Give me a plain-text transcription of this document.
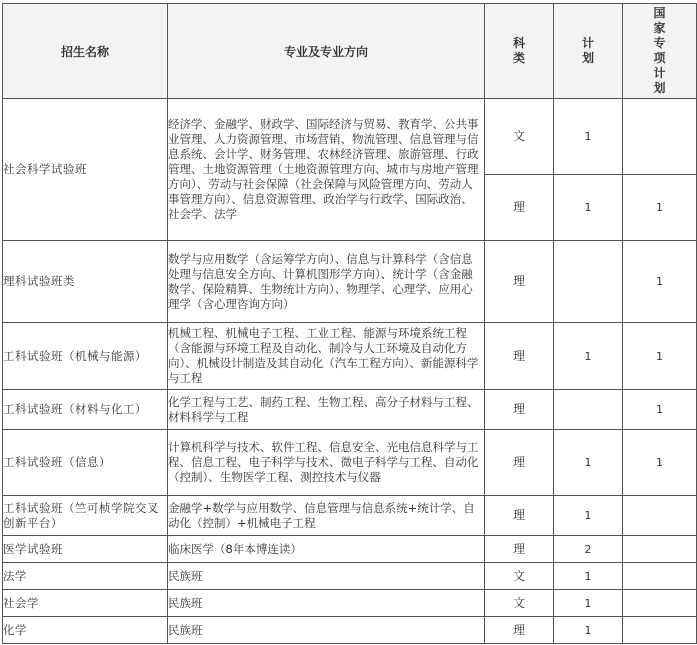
招生名称	专业及专业方向	科类	计划	国家专项计划

社会科学试验班	经济学、金融学、财政学、国际经济与贸易、教育学、公共事业管理、人力资源管理、市场营销、物流管理、信息管理与信息系统、会计学、财务管理、农林经济管理、旅游管理、行政管理、土地资源管理（土地资源管理方向、城市与房地产管理方向）、劳动与社会保障（社会保障与风险管理方向、劳动人事管理方向）、信息资源管理、政治学与行政学、国际政治、社会学、法学	文	1	
		理	1	1

理科试验班类	数学与应用数学（含运筹学方向）、信息与计算科学（含信息处理与信息安全方向、计算机图形学方向）、统计学（含金融数学、保险精算、生物统计方向）、物理学、心理学、应用心理学（含心理咨询方向）	理		1

工科试验班（机械与能源）	机械工程、机械电子工程、工业工程、能源与环境系统工程（含能源与环境工程及自动化、制冷与人工环境及自动化方向）、机械设计制造及其自动化（汽车工程方向）、新能源科学与工程	理	1	1

工科试验班（材料与化工）	化学工程与工艺、制药工程、生物工程、高分子材料与工程、材料科学与工程	理		1

工科试验班（信息）	计算机科学与技术、软件工程、信息安全、光电信息科学与工程、信息工程、电子科学与技术、微电子科学与工程、自动化（控制）、生物医学工程、测控技术与仪器	理	1	1

工科试验班（竺可桢学院交叉创新平台）	金融学+数学与应用数学、信息管理与信息系统+统计学、自动化（控制）+机械电子工程	理	1	

医学试验班	临床医学（8年本博连读）	理	2	

法学	民族班	文	1	

社会学	民族班	文	1	

化学	民族班	理	1	
